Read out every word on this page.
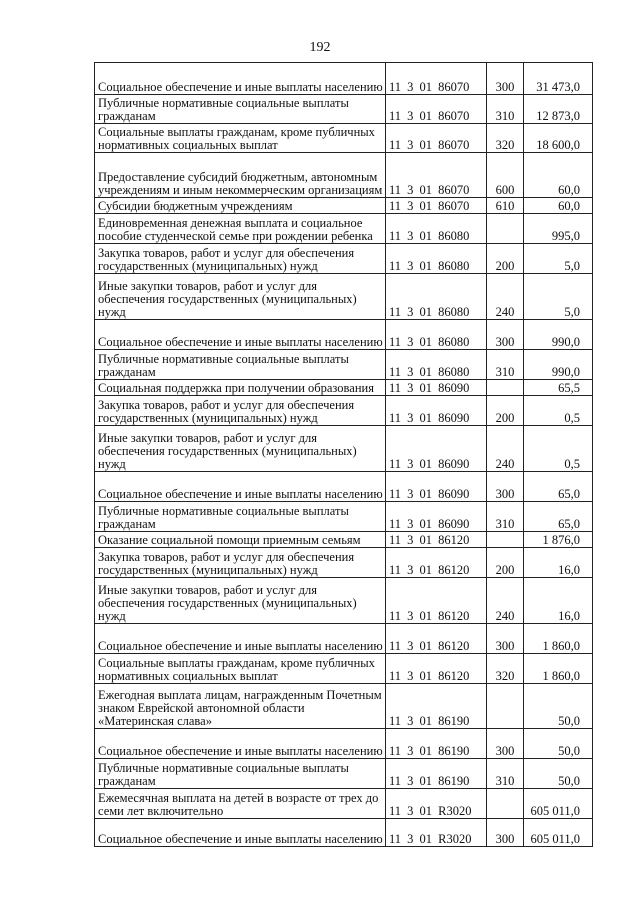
192
Социальное обеспечение и иные выплаты населению	11 3 01 86070	300	31 473,0
Публичные нормативные социальные выплаты гражданам	11 3 01 86070	310	12 873,0
Социальные выплаты гражданам, кроме публичных нормативных социальных выплат	11 3 01 86070	320	18 600,0
Предоставление субсидий бюджетным, автономным учреждениям и иным некоммерческим организациям	11 3 01 86070	600	60,0
Субсидии бюджетным учреждениям	11 3 01 86070	610	60,0
Единовременная денежная выплата и социальное пособие студенческой семье при рождении ребенка	11 3 01 86080		995,0
Закупка товаров, работ и услуг для обеспечения государственных (муниципальных) нужд	11 3 01 86080	200	5,0
Иные закупки товаров, работ и услуг для обеспечения государственных (муниципальных) нужд	11 3 01 86080	240	5,0
Социальное обеспечение и иные выплаты населению	11 3 01 86080	300	990,0
Публичные нормативные социальные выплаты гражданам	11 3 01 86080	310	990,0
Социальная поддержка при получении образования	11 3 01 86090		65,5
Закупка товаров, работ и услуг для обеспечения государственных (муниципальных) нужд	11 3 01 86090	200	0,5
Иные закупки товаров, работ и услуг для обеспечения государственных (муниципальных) нужд	11 3 01 86090	240	0,5
Социальное обеспечение и иные выплаты населению	11 3 01 86090	300	65,0
Публичные нормативные социальные выплаты гражданам	11 3 01 86090	310	65,0
Оказание социальной помощи приемным семьям	11 3 01 86120		1 876,0
Закупка товаров, работ и услуг для обеспечения государственных (муниципальных) нужд	11 3 01 86120	200	16,0
Иные закупки товаров, работ и услуг для обеспечения государственных (муниципальных) нужд	11 3 01 86120	240	16,0
Социальное обеспечение и иные выплаты населению	11 3 01 86120	300	1 860,0
Социальные выплаты гражданам, кроме публичных нормативных социальных выплат	11 3 01 86120	320	1 860,0
Ежегодная выплата лицам, награжденным Почетным знаком Еврейской автономной области «Материнская слава»	11 3 01 86190		50,0
Социальное обеспечение и иные выплаты населению	11 3 01 86190	300	50,0
Публичные нормативные социальные выплаты гражданам	11 3 01 86190	310	50,0
Ежемесячная выплата на детей в возрасте от трех до семи лет включительно	11 3 01 R3020		605 011,0
Социальное обеспечение и иные выплаты населению	11 3 01 R3020	300	605 011,0
